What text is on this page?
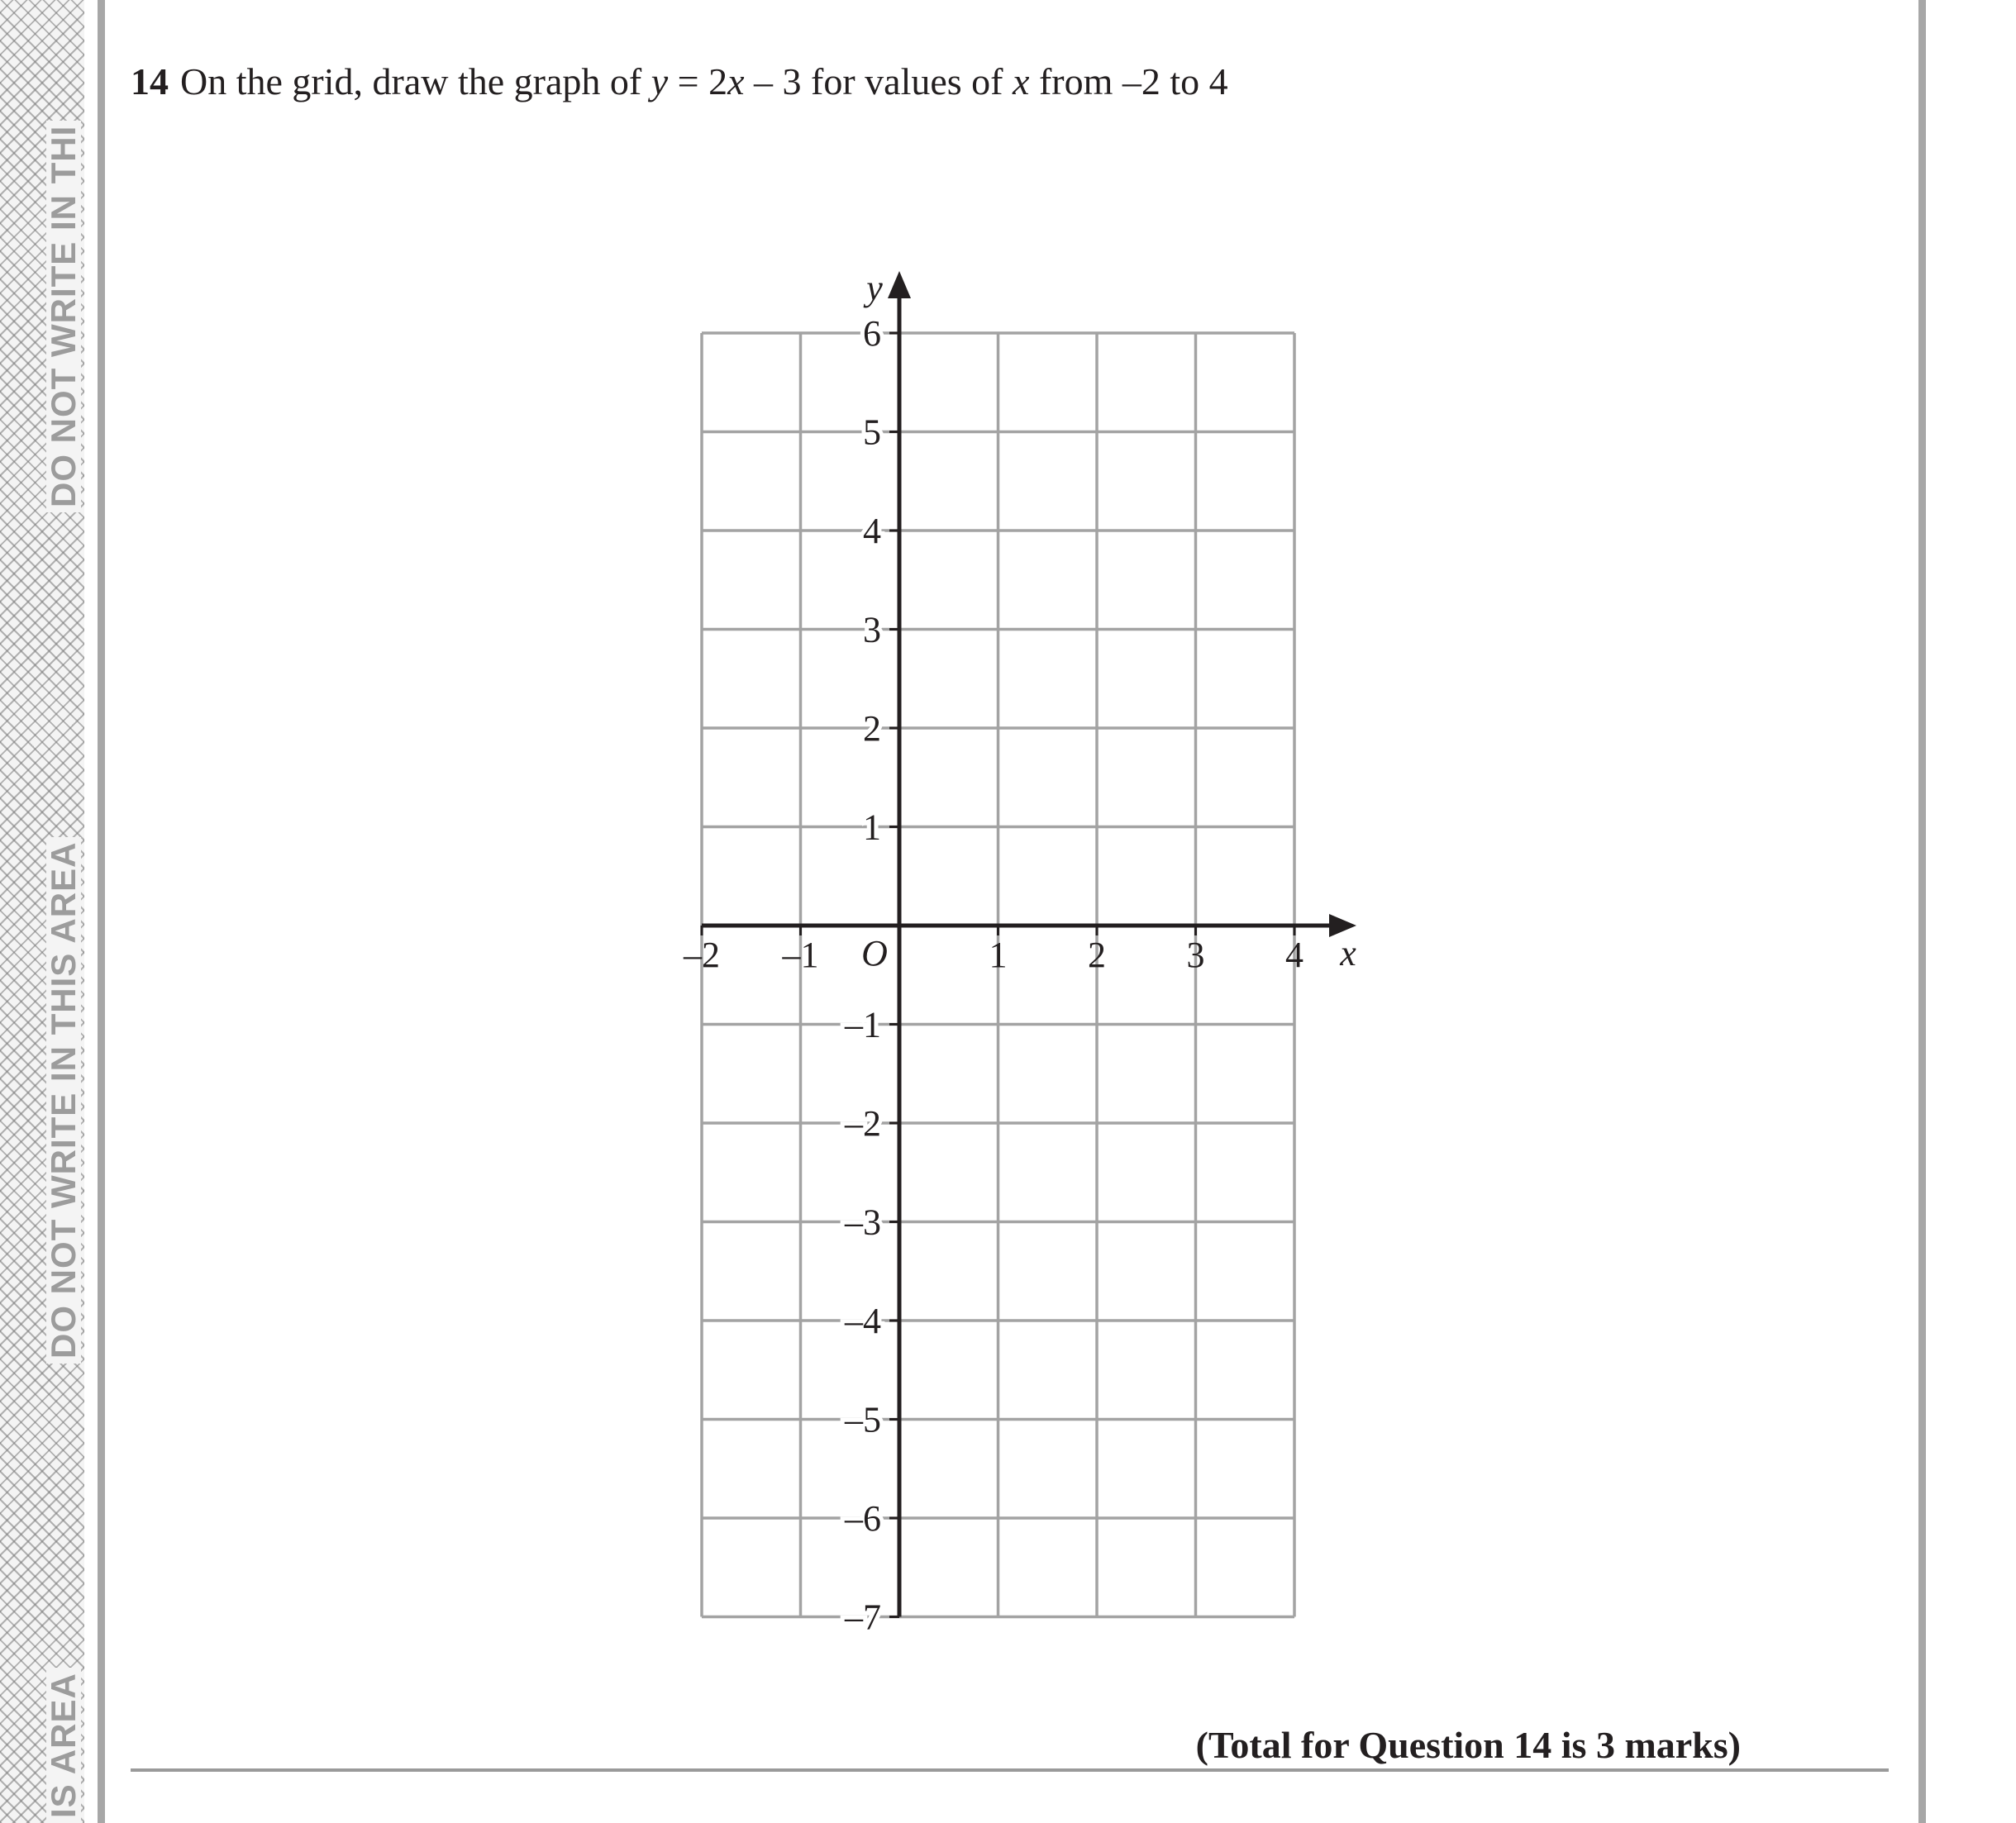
DO NOT WRITE IN THI
DO NOT WRITE IN THIS AREA
IS AREA
14 On the grid, draw the graph of y = 2x – 3 for values of x from –2 to 4
–2 –1	1 2 3 4
6
5
4
3
2
1
–1
–2
–3
–4
–5
–6
–7
x
y
O
(Total for Question 14 is 3 marks)
